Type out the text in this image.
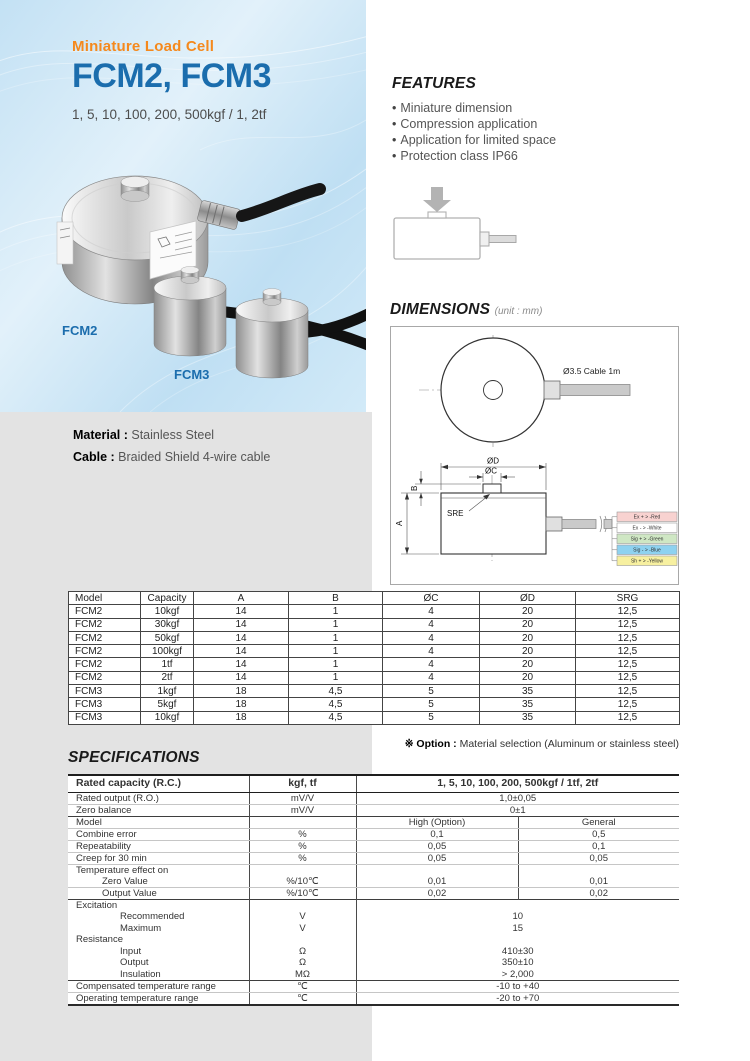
Miniature Load Cell
FCM2, FCM3
1, 5, 10, 100, 200, 500kgf / 1, 2tf
FCM2
FCM3
Material : Stainless Steel
Cable : Braided Shield 4-wire cable
FEATURES
• Miniature dimension
• Compression application
• Application for limited space
• Protection class IP66
DIMENSIONS (unit : mm)
Ø3.5 Cable 1m
ØD
ØC
B
A
SRE	Ex + > -Red
Ex - > -White
Sig + > -Green
Sig - > -Blue
Sh + > -Yellow
Model	Capacity	A	B	ØC	ØD	SRG
FCM2	10kgf	14	1	4	20	12,5
FCM2	30kgf	14	1	4	20	12,5
FCM2	50kgf	14	1	4	20	12,5
FCM2	100kgf	14	1	4	20	12,5
FCM2	1tf	14	1	4	20	12,5
FCM2	2tf	14	1	4	20	12,5
FCM3	1kgf	18	4,5	5	35	12,5
FCM3	5kgf	18	4,5	5	35	12,5
FCM3	10kgf	18	4,5	5	35	12,5
※ Option : Material selection (Aluminum or stainless steel)
SPECIFICATIONS
Rated capacity (R.C.)	kgf, tf	1, 5, 10, 100, 200, 500kgf / 1tf, 2tf	
Rated output (R.O.)	mV/V	1,0±0,05	
Zero balance	mV/V	0±1	
Model		High (Option)	General
Combine error	%	0,1	0,5
Repeatability	%	0,05	0,1
Creep for 30 min	%	0,05	0,05
Temperature effect on			
Zero Value	%/10℃	0,01	0,01
Output Value	%/10℃	0,02	0,02
Excitation			
Recommended	V	10	
Maximum	V	15	
Resistance			
Input	Ω	410±30	
Output	Ω	350±10	
Insulation	MΩ	> 2,000	
Compensated temperature range	℃	-10 to +40	
Operating temperature range	℃	-20 to +70	
